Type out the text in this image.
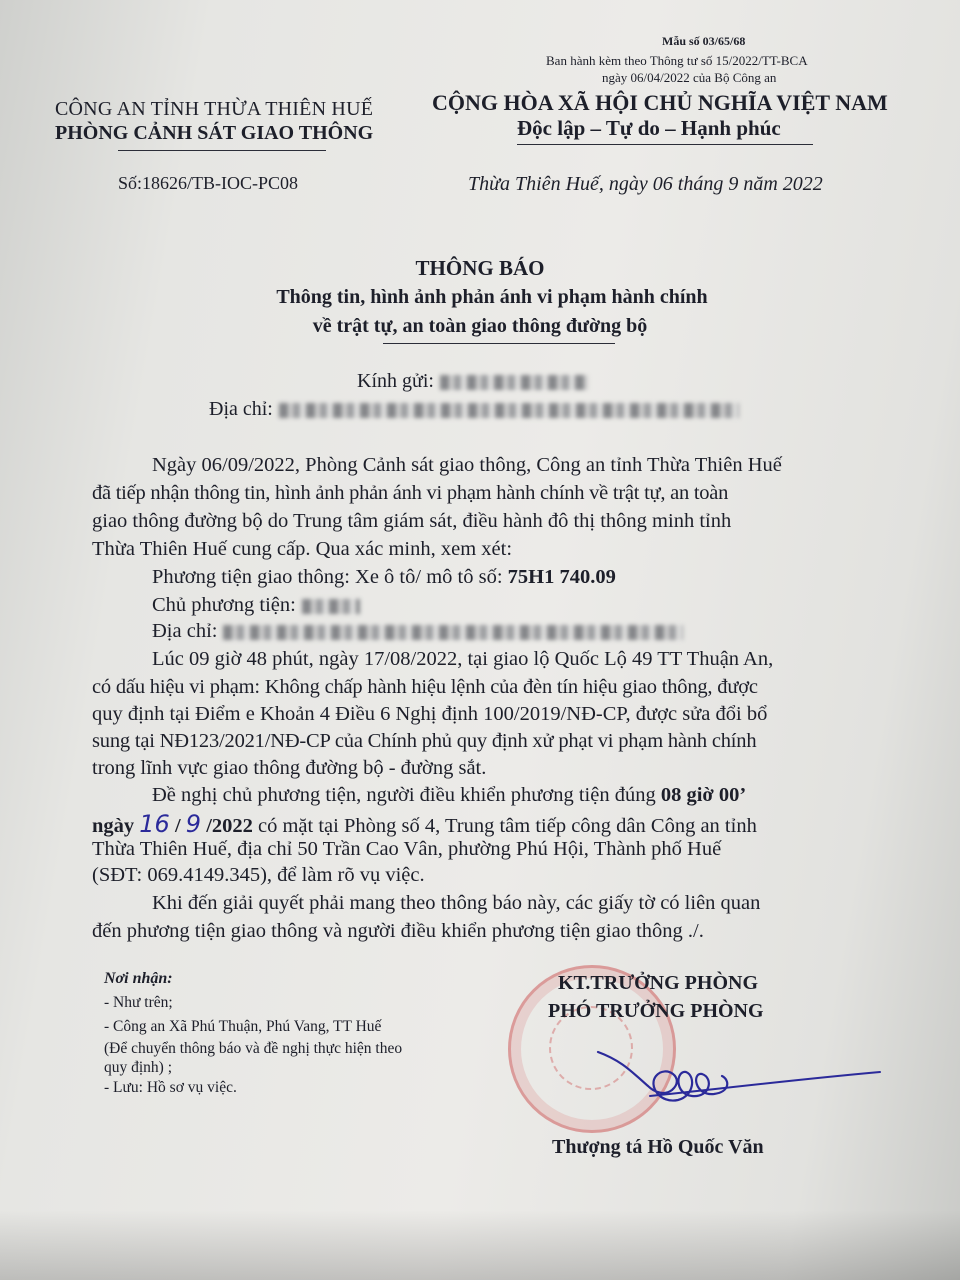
Mẫu số 03/65/68
Ban hành kèm theo Thông tư số 15/2022/TT-BCA
ngày 06/04/2022 của Bộ Công an
CÔNG AN TỈNH THỪA THIÊN HUẾ
PHÒNG CẢNH SÁT GIAO THÔNG
CỘNG HÒA XÃ HỘI CHỦ NGHĨA VIỆT NAM
Độc lập – Tự do – Hạnh phúc
Số:18626/TB-IOC-PC08	Thừa Thiên Huế, ngày 06 tháng 9 năm 2022
THÔNG BÁO
Thông tin, hình ảnh phản ánh vi phạm hành chính
về trật tự, an toàn giao thông đường bộ
Kính gửi:
Địa chỉ:
Ngày 06/09/2022, Phòng Cảnh sát giao thông, Công an tỉnh Thừa Thiên Huế
đã tiếp nhận thông tin, hình ảnh phản ánh vi phạm hành chính về trật tự, an toàn
giao thông đường bộ do Trung tâm giám sát, điều hành đô thị thông minh tỉnh
Thừa Thiên Huế cung cấp. Qua xác minh, xem xét:
Phương tiện giao thông: Xe ô tô/ mô tô số: 75H1 740.09
Chủ phương tiện:
Địa chỉ:
Lúc 09 giờ 48 phút, ngày 17/08/2022, tại giao lộ Quốc Lộ 49 TT Thuận An,
có dấu hiệu vi phạm: Không chấp hành hiệu lệnh của đèn tín hiệu giao thông, được
quy định tại Điểm e Khoản 4 Điều 6 Nghị định 100/2019/NĐ-CP, được sửa đổi bổ
sung tại NĐ123/2021/NĐ-CP của Chính phủ quy định xử phạt vi phạm hành chính
trong lĩnh vực giao thông đường bộ - đường sắt.
Đề nghị chủ phương tiện, người điều khiển phương tiện đúng 08 giờ 00’
ngày 16 / 9 /2022 có mặt tại Phòng số 4, Trung tâm tiếp công dân Công an tỉnh
Thừa Thiên Huế, địa chỉ 50 Trần Cao Vân, phường Phú Hội, Thành phố Huế
(SĐT: 069.4149.345), để làm rõ vụ việc.
Khi đến giải quyết phải mang theo thông báo này, các giấy tờ có liên quan
đến phương tiện giao thông và người điều khiển phương tiện giao thông ./.
Nơi nhận:
- Như trên;
- Công an Xã Phú Thuận, Phú Vang, TT Huế
(Để chuyển thông báo và đề nghị thực hiện theo
quy định) ;
- Lưu: Hồ sơ vụ việc.
KT.TRƯỞNG PHÒNG
PHÓ TRƯỞNG PHÒNG
Thượng tá Hồ Quốc Văn
